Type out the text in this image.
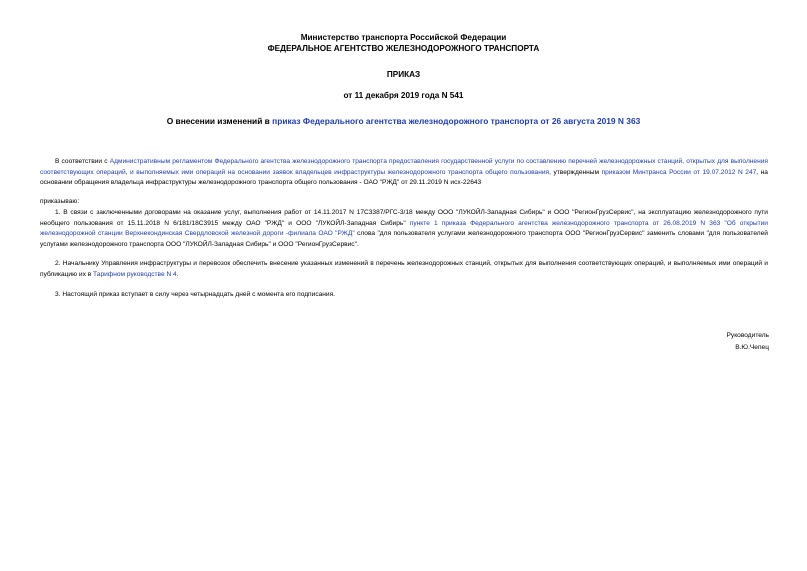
Министерство транспорта Российской Федерации
ФЕДЕРАЛЬНОЕ АГЕНТСТВО ЖЕЛЕЗНОДОРОЖНОГО ТРАНСПОРТА
ПРИКАЗ
от 11 декабря 2019 года N 541
О внесении изменений в приказ Федерального агентства железнодорожного транспорта от 26 августа 2019 N 363
В соответствии с Административным регламентом Федерального агентства железнодорожного транспорта предоставления государственной услуги по составлению перечней железнодорожных станций, открытых для выполнения соответствующих операций, и выполняемых ими операций на основании заявок владельцев инфраструктуры железнодорожного транспорта общего пользования, утвержденным приказом Минтранса России от 19.07.2012 N 247, на основании обращения владельца инфраструктуры железнодорожного транспорта общего пользования - ОАО "РЖД" от 29.11.2019 N исх-22643
приказываю:
1. В связи с заключенными договорами на оказание услуг, выполнения работ от 14.11.2017 N 17С3387/РГС-3/18 между ООО "ЛУКОЙЛ-Западная Сибирь" и ООО "РегионГрузСервис", на эксплуатацию железнодорожного пути необщего пользования от 15.11.2018 N 6/181/18С3915 между ОАО "РЖД" и ООО "ЛУКОЙЛ-Западная Сибирь" пункте 1 приказа Федерального агентства железнодорожного транспорта от 26.08.2019 N 363 "Об открытии железнодорожной станции Верхнекондинская Свердловской железной дороги -филиала ОАО "РЖД" слова "для пользователя услугами железнодорожного транспорта ООО "РегионГрузСервис" заменить словами "для пользователей услугами железнодорожного транспорта ООО "ЛУКОЙЛ-Западная Сибирь" и ООО "РегионГрузСервис".
2. Начальнику Управления инфраструктуры и перевозок обеспечить внесение указанных изменений в перечень железнодорожных станций, открытых для выполнения соответствующих операций, и выполняемых ими операций и публикацию их в Тарифном руководстве N 4.
3. Настоящий приказ вступает в силу через четырнадцать дней с момента его подписания.
Руководитель
В.Ю.Чепец
